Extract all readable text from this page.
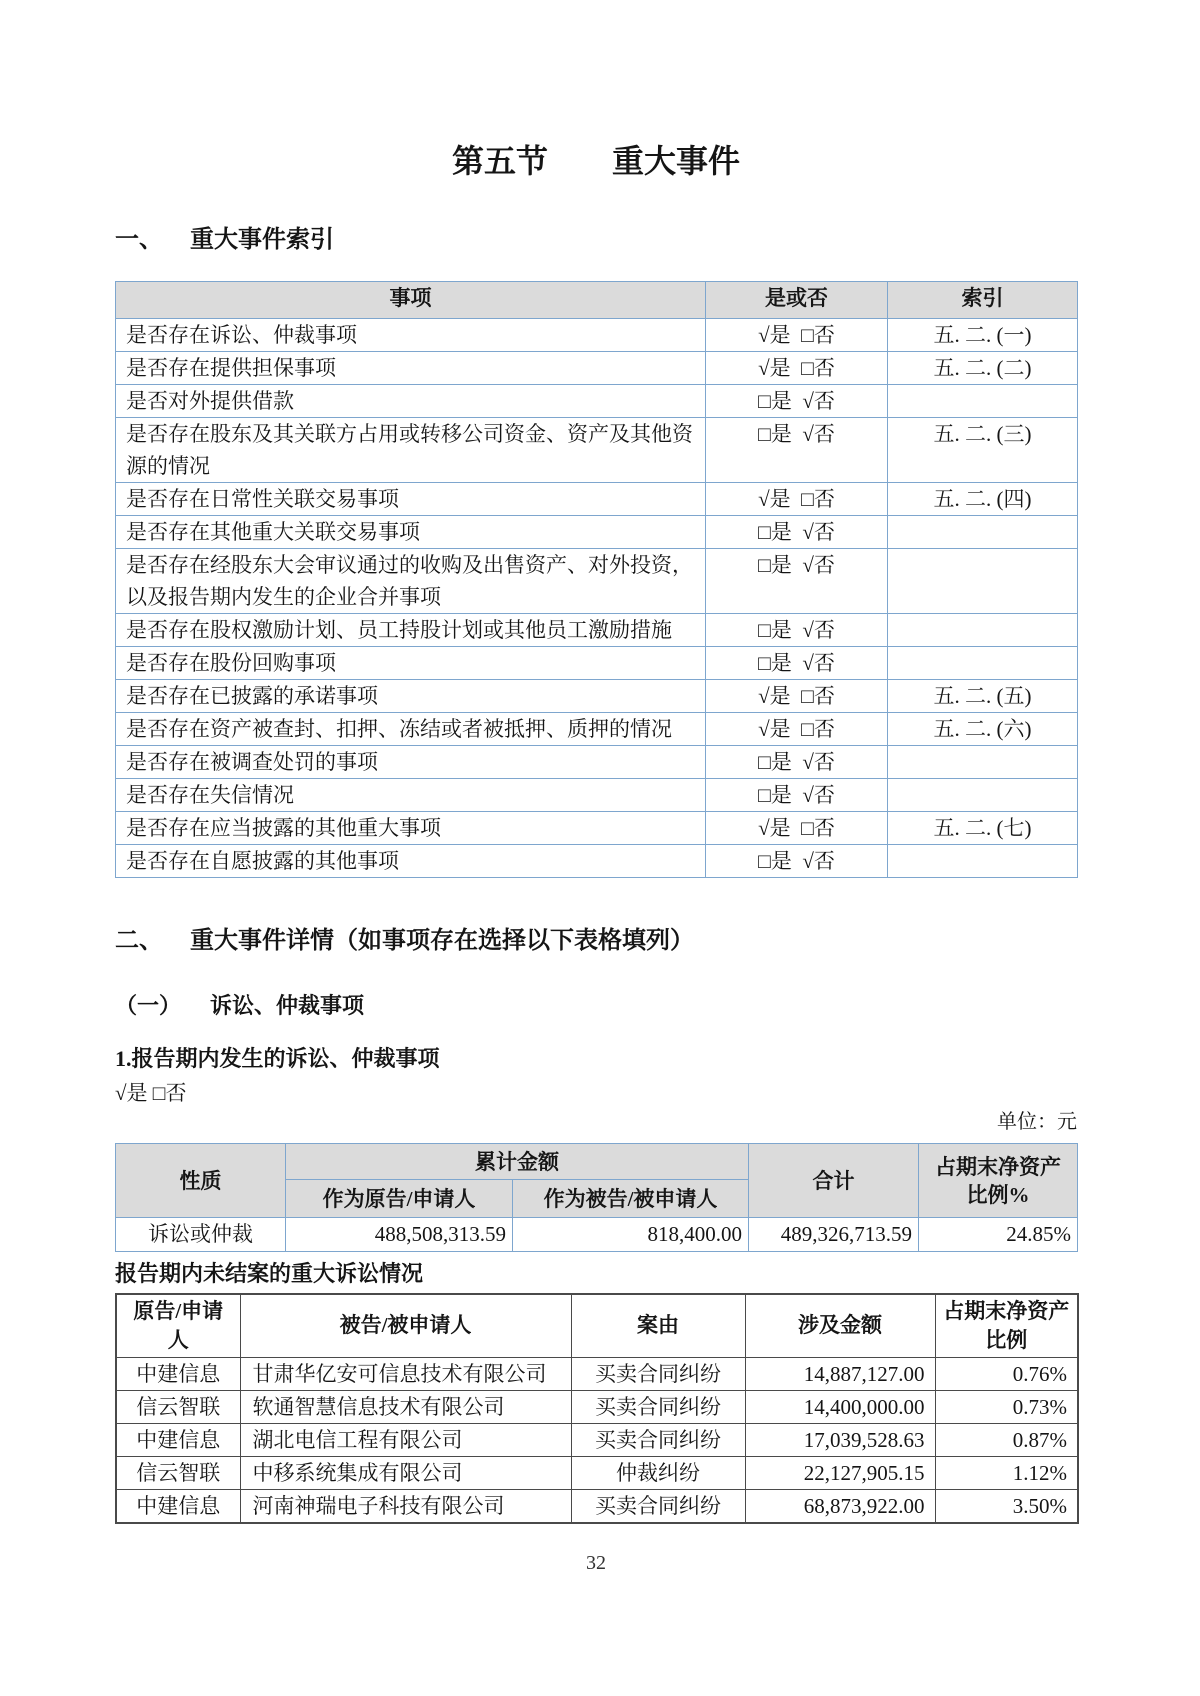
第五节　　重大事件
一、	重大事件索引
事项	是或否	索引
是否存在诉讼、仲裁事项	√是  □否	五. 二. (一)
是否存在提供担保事项	√是  □否	五. 二. (二)
是否对外提供借款	□是  √否	
是否存在股东及其关联方占用或转移公司资金、资产及其他资源的情况	□是  √否	五. 二. (三)
是否存在日常性关联交易事项	√是  □否	五. 二. (四)
是否存在其他重大关联交易事项	□是  √否	
是否存在经股东大会审议通过的收购及出售资产、对外投资，以及报告期内发生的企业合并事项	□是  √否	
是否存在股权激励计划、员工持股计划或其他员工激励措施	□是  √否	
是否存在股份回购事项	□是  √否	
是否存在已披露的承诺事项	√是  □否	五. 二. (五)
是否存在资产被查封、扣押、冻结或者被抵押、质押的情况	√是  □否	五. 二. (六)
是否存在被调查处罚的事项	□是  √否	
是否存在失信情况	□是  √否	
是否存在应当披露的其他重大事项	√是  □否	五. 二. (七)
是否存在自愿披露的其他事项	□是  √否	
二、	重大事件详情（如事项存在选择以下表格填列）
（一）	诉讼、仲裁事项
1.报告期内发生的诉讼、仲裁事项
√是 □否
单位：元
性质	累计金额		合计	占期末净资产比例%
	作为原告/申请人	作为被告/被申请人		
诉讼或仲裁	488,508,313.59	818,400.00	489,326,713.59	24.85%
报告期内未结案的重大诉讼情况
原告/申请人	被告/被申请人	案由	涉及金额	占期末净资产比例
中建信息	甘肃华亿安可信息技术有限公司	买卖合同纠纷	14,887,127.00	0.76%
信云智联	软通智慧信息技术有限公司	买卖合同纠纷	14,400,000.00	0.73%
中建信息	湖北电信工程有限公司	买卖合同纠纷	17,039,528.63	0.87%
信云智联	中移系统集成有限公司	仲裁纠纷	22,127,905.15	1.12%
中建信息	河南神瑞电子科技有限公司	买卖合同纠纷	68,873,922.00	3.50%
32
